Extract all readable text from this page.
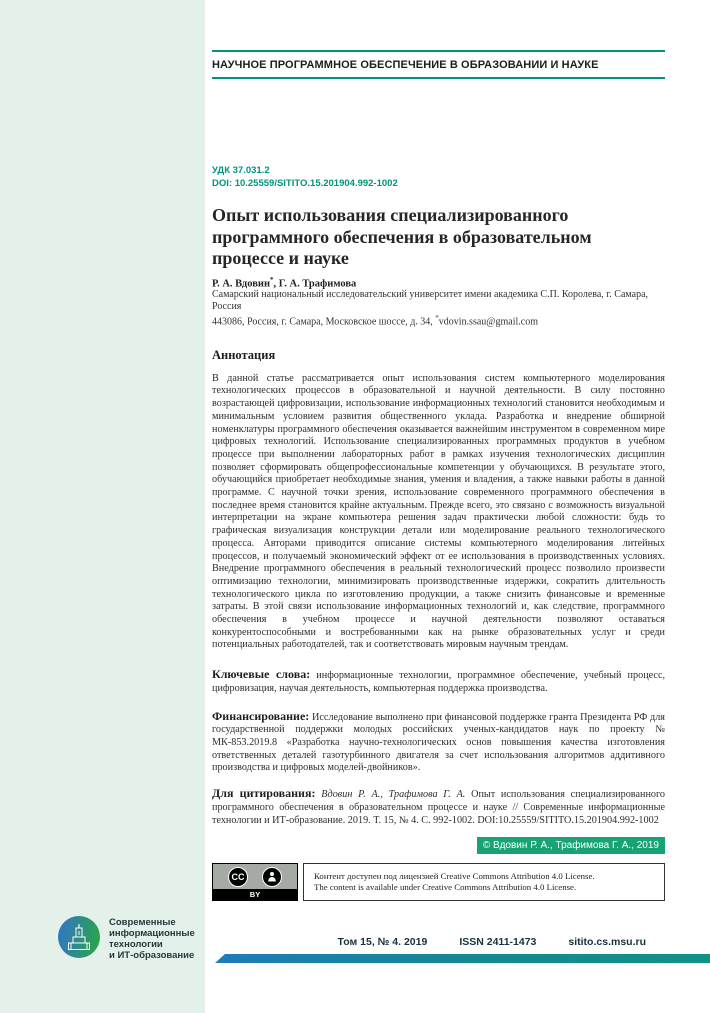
НАУЧНОЕ ПРОГРАММНОЕ ОБЕСПЕЧЕНИЕ В ОБРАЗОВАНИИ И НАУКЕ
УДК 37.031.2
DOI: 10.25559/SITITO.15.201904.992-1002
Опыт использования специализированного программного обеспечения в образовательном процессе и науке
Р. А. Вдовин*, Г. А. Трафимова
Самарский национальный исследовательский университет имени академика С.П. Королева, г. Самара, Россия
443086, Россия, г. Самара, Московское шоссе, д. 34, *vdovin.ssau@gmail.com
Аннотация

В данной статье рассматривается опыт использования систем компьютерного моделирования технологических процессов в образовательной и научной деятельности. В силу постоянно возрастающей цифровизации, использование информационных технологий становится необходимым и минимальным условием развития общественного уклада. Разработка и внедрение обширной номенклатуры программного обеспечения оказывается важнейшим инструментом в современном мире цифровых технологий. Использование специализированных программных продуктов в учебном процессе при выполнении лабораторных работ в рамках изучения технологических дисциплин позволяет сформировать общепрофессиональные компетенции у обучающихся. В результате этого, обучающийся приобретает необходимые знания, умения и владения, а также навыки работы в данной программе. С научной точки зрения, использование современного программного обеспечения в последнее время становится крайне актуальным. Прежде всего, это связано с возможность визуальной интерпретации на экране компьютера решения задач практически любой сложности: будь то графическая визуализация конструкции детали или моделирование реального технологического процесса. Авторами приводится описание системы компьютерного моделирования литейных процессов, и получаемый экономический эффект от ее использования в производственных условиях. Внедрение программного обеспечения в реальный технологический процесс позволило произвести оптимизацию технологии, минимизировать производственные издержки, сократить длительность технологического цикла по изготовлению продукции, а также снизить финансовые и временные затраты. В этой связи использование информационных технологий и, как следствие, программного обеспечения в учебном процессе и научной деятельности позволяют оставаться конкурентоспособными и востребованными как на рынке образовательных услуг и среди потенциальных работодателей, так и соответствовать мировым научным трендам.

Ключевые слова: информационные технологии, программное обеспечение, учебный процесс, цифровизация, научая деятельность, компьютерная поддержка производства.

Финансирование: Исследование выполнено при финансовой поддержке гранта Президента РФ для государственной поддержки молодых российских ученых-кандидатов наук по проекту № МК-853.2019.8 «Разработка научно-технологических основ повышения качества изготовления ответственных деталей газотурбинного двигателя за счет использования алгоритмов аддитивного производства и цифровых моделей-двойников».

Для цитирования: Вдовин Р. А., Трафимова Г. А. Опыт использования специализированного программного обеспечения в образовательном процессе и науке // Современные информационные технологии и ИТ-образование. 2019. Т. 15, № 4. С. 992-1002. DOI:10.25559/SITITO.15.201904.992-1002

© Вдовин Р. А., Трафимова Г. А., 2019
CC
BY
Контент доступен под лицензией Creative Commons Attribution 4.0 License.
The content is available under Creative Commons Attribution 4.0 License.
Современные
информационные
технологии
и ИТ-образование
Том 15, № 4. 2019	ISSN 2411-1473	sitito.cs.msu.ru
